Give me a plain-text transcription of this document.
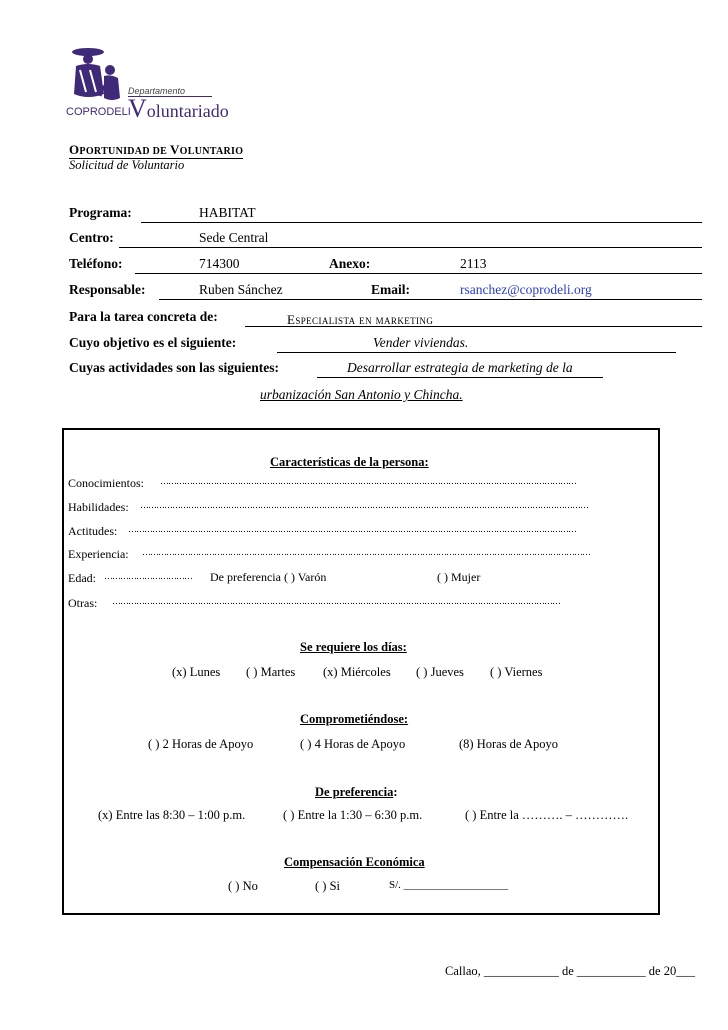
Departamento
Voluntariado
COPRODELI
OPORTUNIDAD DE VOLUNTARIO
Solicitud de Voluntario
Programa:	HABITAT
Centro:	Sede Central
Teléfono:	714300	Anexo:	2113
Responsable:	Ruben Sánchez	Email:	rsanchez@coprodeli.org
Para la tarea concreta de:	Especialista en marketing
Cuyo objetivo es el siguiente:	Vender viviendas.
Cuyas actividades son las siguientes:	Desarrollar estrategia de marketing de la
urbanización San Antonio y Chincha.
Características de la persona:
Conocimientos: …………………………………………………………………………………………………………………………………………
Habilidades: ……………………………………………………………………………………………………………………………………………………
Actitudes: ……………………………………………………………………………………………………………………………………………………
Experiencia: ……………………………………………………………………………………………………………………………………………………
Edad: …………………………… De preferencia ( ) Varón	( ) Mujer
Otras: ……………………………………………………………………………………………………………………………………………………
Se requiere los días:
(x) Lunes ( ) Martes (x) Miércoles ( ) Jueves ( ) Viernes
Comprometiéndose:
( ) 2 Horas de Apoyo	( ) 4 Horas de Apoyo	(8) Horas de Apoyo
De preferencia:
(x) Entre las 8:30 – 1:00 p.m.	( ) Entre la 1:30 – 6:30 p.m.	( ) Entre la ………. – ………….
Compensación Económica
( ) No	( ) Si	S/. ___________________
Callao, ____________ de ___________ de 20___
